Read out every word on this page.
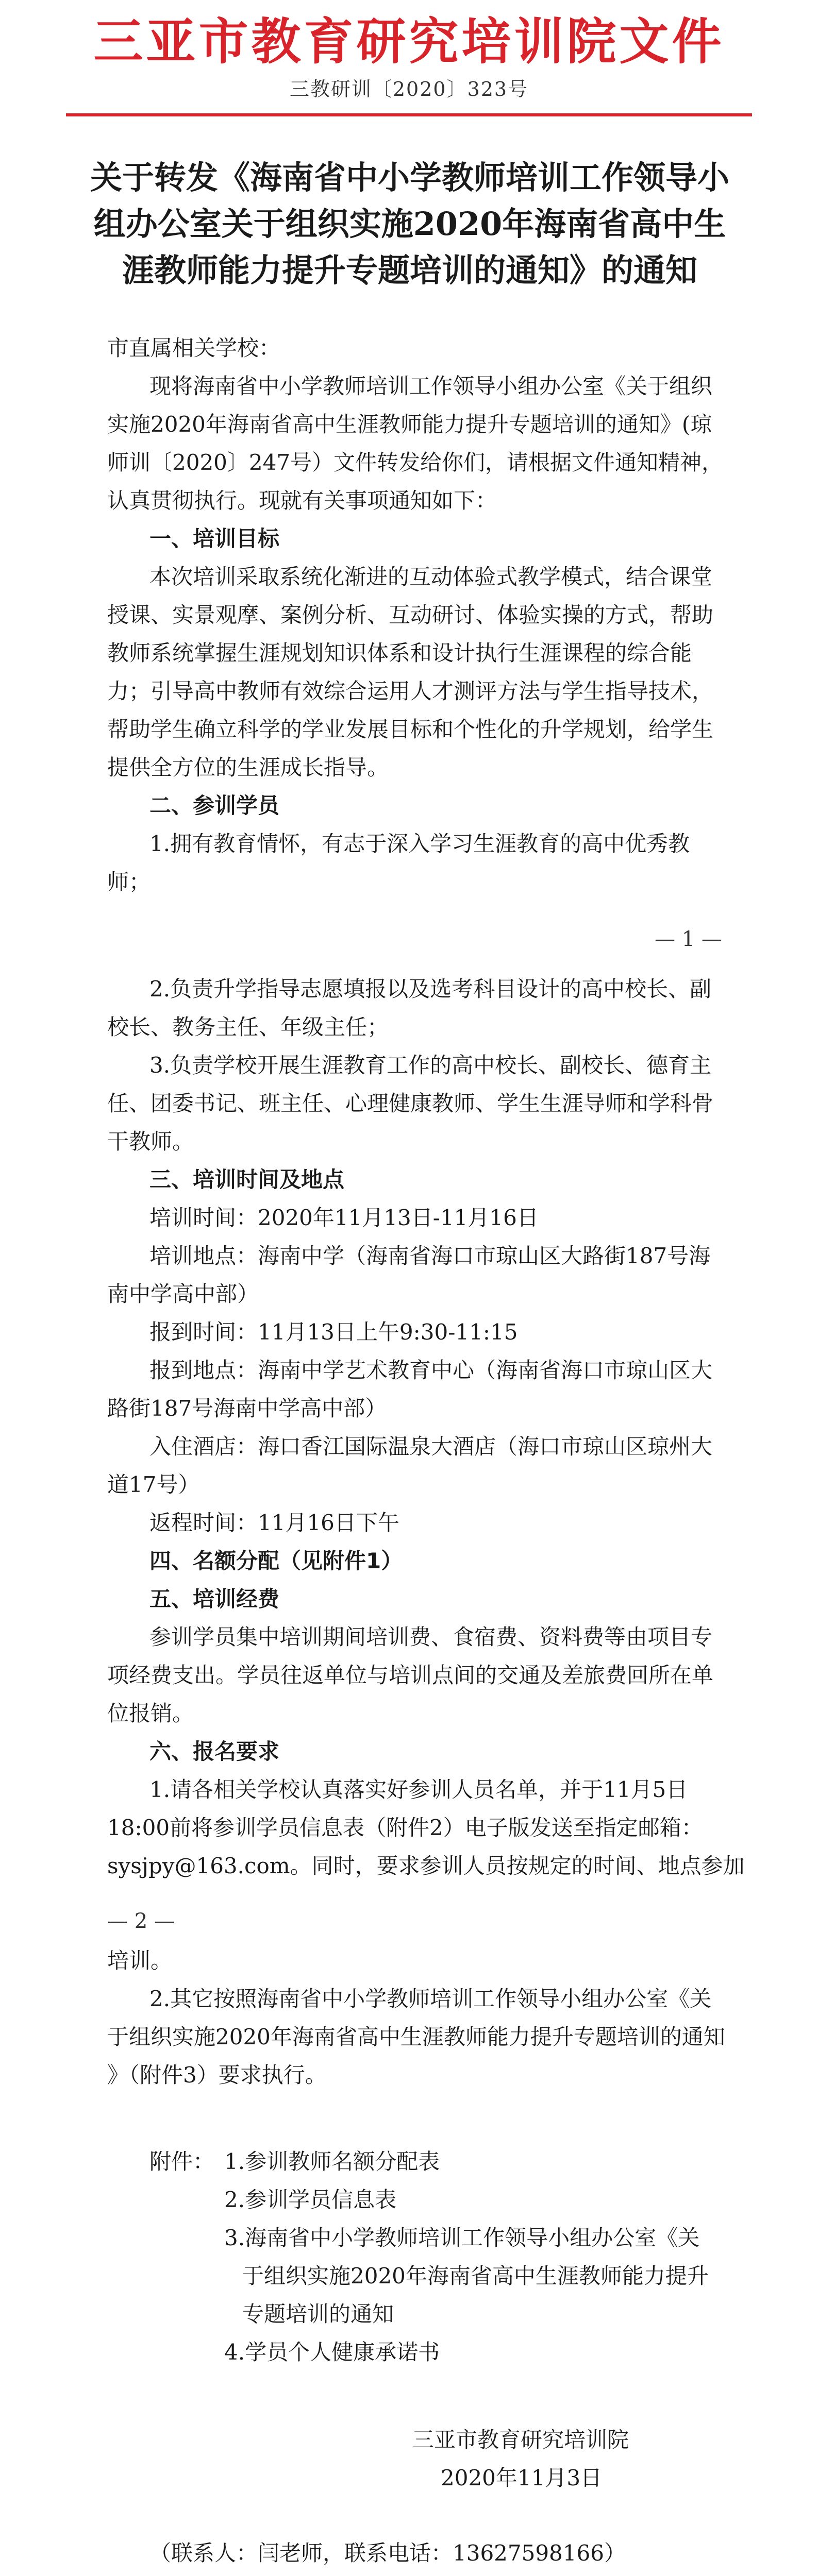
三亚市教育研究培训院文件
三教研训〔2020〕323号
关于转发《海南省中小学教师培训工作领导小
组办公室关于组织实施2020年海南省高中生
涯教师能力提升专题培训的通知》的通知
市直属相关学校：
现将海南省中小学教师培训工作领导小组办公室《关于组织
实施2020年海南省高中生涯教师能力提升专题培训的通知》(琼
师训〔2020〕247号）文件转发给你们，请根据文件通知精神，
认真贯彻执行。现就有关事项通知如下：
一、培训目标
本次培训采取系统化渐进的互动体验式教学模式，结合课堂
授课、实景观摩、案例分析、互动研讨、体验实操的方式，帮助
教师系统掌握生涯规划知识体系和设计执行生涯课程的综合能
力；引导高中教师有效综合运用人才测评方法与学生指导技术，
帮助学生确立科学的学业发展目标和个性化的升学规划，给学生
提供全方位的生涯成长指导。
二、参训学员
1.拥有教育情怀，有志于深入学习生涯教育的高中优秀教
师；
— 1 —
2.负责升学指导志愿填报以及选考科目设计的高中校长、副
校长、教务主任、年级主任；
3.负责学校开展生涯教育工作的高中校长、副校长、德育主
任、团委书记、班主任、心理健康教师、学生生涯导师和学科骨
干教师。
三、培训时间及地点
培训时间：2020年11月13日-11月16日
培训地点：海南中学（海南省海口市琼山区大路街187号海
南中学高中部）
报到时间：11月13日上午9:30-11:15
报到地点：海南中学艺术教育中心（海南省海口市琼山区大
路街187号海南中学高中部）
入住酒店：海口香江国际温泉大酒店（海口市琼山区琼州大
道17号）
返程时间：11月16日下午
四、名额分配（见附件1）
五、培训经费
参训学员集中培训期间培训费、食宿费、资料费等由项目专
项经费支出。学员往返单位与培训点间的交通及差旅费回所在单
位报销。
六、报名要求
1.请各相关学校认真落实好参训人员名单，并于11月5日
18:00前将参训学员信息表（附件2）电子版发送至指定邮箱：
sysjpy@163.com。同时，要求参训人员按规定的时间、地点参加
— 2 —
培训。
2.其它按照海南省中小学教师培训工作领导小组办公室《关
于组织实施2020年海南省高中生涯教师能力提升专题培训的通知
》（附件3）要求执行。
附件： 1.参训教师名额分配表
2.参训学员信息表
3.海南省中小学教师培训工作领导小组办公室《关
于组织实施2020年海南省高中生涯教师能力提升
专题培训的通知
4.学员个人健康承诺书
三亚市教育研究培训院
2020年11月3日
（联系人：闫老师，联系电话：13627598166）
